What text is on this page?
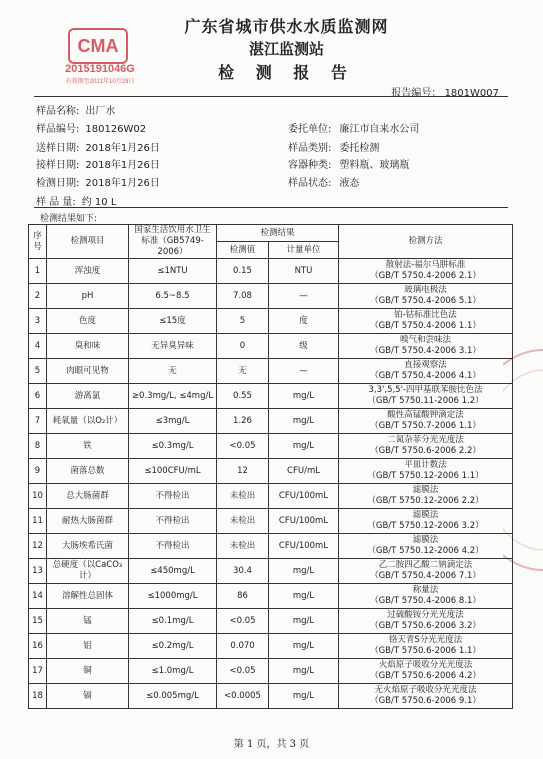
CMA
2015191046G
有效期至2021年10月29日
广东省城市供水水质监测网
湛江监测站
检 测 报 告
报告编号： 1801W007
样品名称: 出厂水
样品编号: 180126W02	委托单位: 廉江市自来水公司
送样日期: 2018年1月26日	样品类别: 委托检测
接样日期: 2018年1月26日	容器种类: 塑料瓶、玻璃瓶
检测日期: 2018年1月26日	样品状态: 液态
样 品 量: 约 10 L
检测结果如下:
序号	检测项目	国家生活饮用水卫生标准（GB5749-2006）	检测结果		检测方法
			检测值	计量单位	
1	浑浊度	≤1NTU	0.15	NTU	散射法-福尔马肼标准
（GB/T 5750.4-2006 2.1）

2	pH	6.5~8.5	7.08	—	玻璃电极法
（GB/T 5750.4-2006 5.1）

3	色度	≤15度	5	度	铂-钴标准比色法
（GB/T 5750.4-2006 1.1）

4	臭和味	无异臭异味	0	级	嗅气和尝味法
（GB/T 5750.4-2006 3.1）

5	肉眼可见物	无	无	—	直接观察法
（GB/T 5750.4-2006 4.1）

6	游离氯	≥0.3mg/L, ≤4mg/L	0.55	mg/L	3,3',5,5'-四甲基联苯胺比色法
（GB/T 5750.11-2006 1.2）

7	耗氧量（以O₂计）	≤3mg/L	1.26	mg/L	酸性高锰酸钾滴定法
（GB/T 5750.7-2006 1.1）

8	铁	≤0.3mg/L	<0.05	mg/L	二氮杂菲分光光度法
（GB/T 5750.6-2006 2.2）

9	菌落总数	≤100CFU/mL	12	CFU/mL	平皿计数法
（GB/T 5750.12-2006 1.1）

10	总大肠菌群	不得检出	未检出	CFU/100mL	滤膜法
（GB/T 5750.12-2006 2.2）

11	耐热大肠菌群	不得检出	未检出	CFU/100mL	滤膜法
（GB/T 5750.12-2006 3.2）

12	大肠埃希氏菌	不得检出	未检出	CFU/100mL	滤膜法
（GB/T 5750.12-2006 4.2）

13	总硬度（以CaCO₃计）	≤450mg/L	30.4	mg/L	乙二胺四乙酸二钠滴定法
（GB/T 5750.4-2006 7.1）

14	溶解性总固体	≤1000mg/L	86	mg/L	称量法
（GB/T 5750.4-2006 8.1）

15	锰	≤0.1mg/L	<0.05	mg/L	过硫酸铵分光光度法
（GB/T 5750.6-2006 3.2）

16	铝	≤0.2mg/L	0.070	mg/L	铬天青S分光光度法
（GB/T 5750.6-2006 1.1）

17	铜	≤1.0mg/L	<0.05	mg/L	火焰原子吸收分光光度法
（GB/T 5750.6-2006 4.2）

18	镉	≤0.005mg/L	<0.0005	mg/L	无火焰原子吸收分光光度法
（GB/T 5750.6-2006 9.1）
第 1 页，共 3 页
